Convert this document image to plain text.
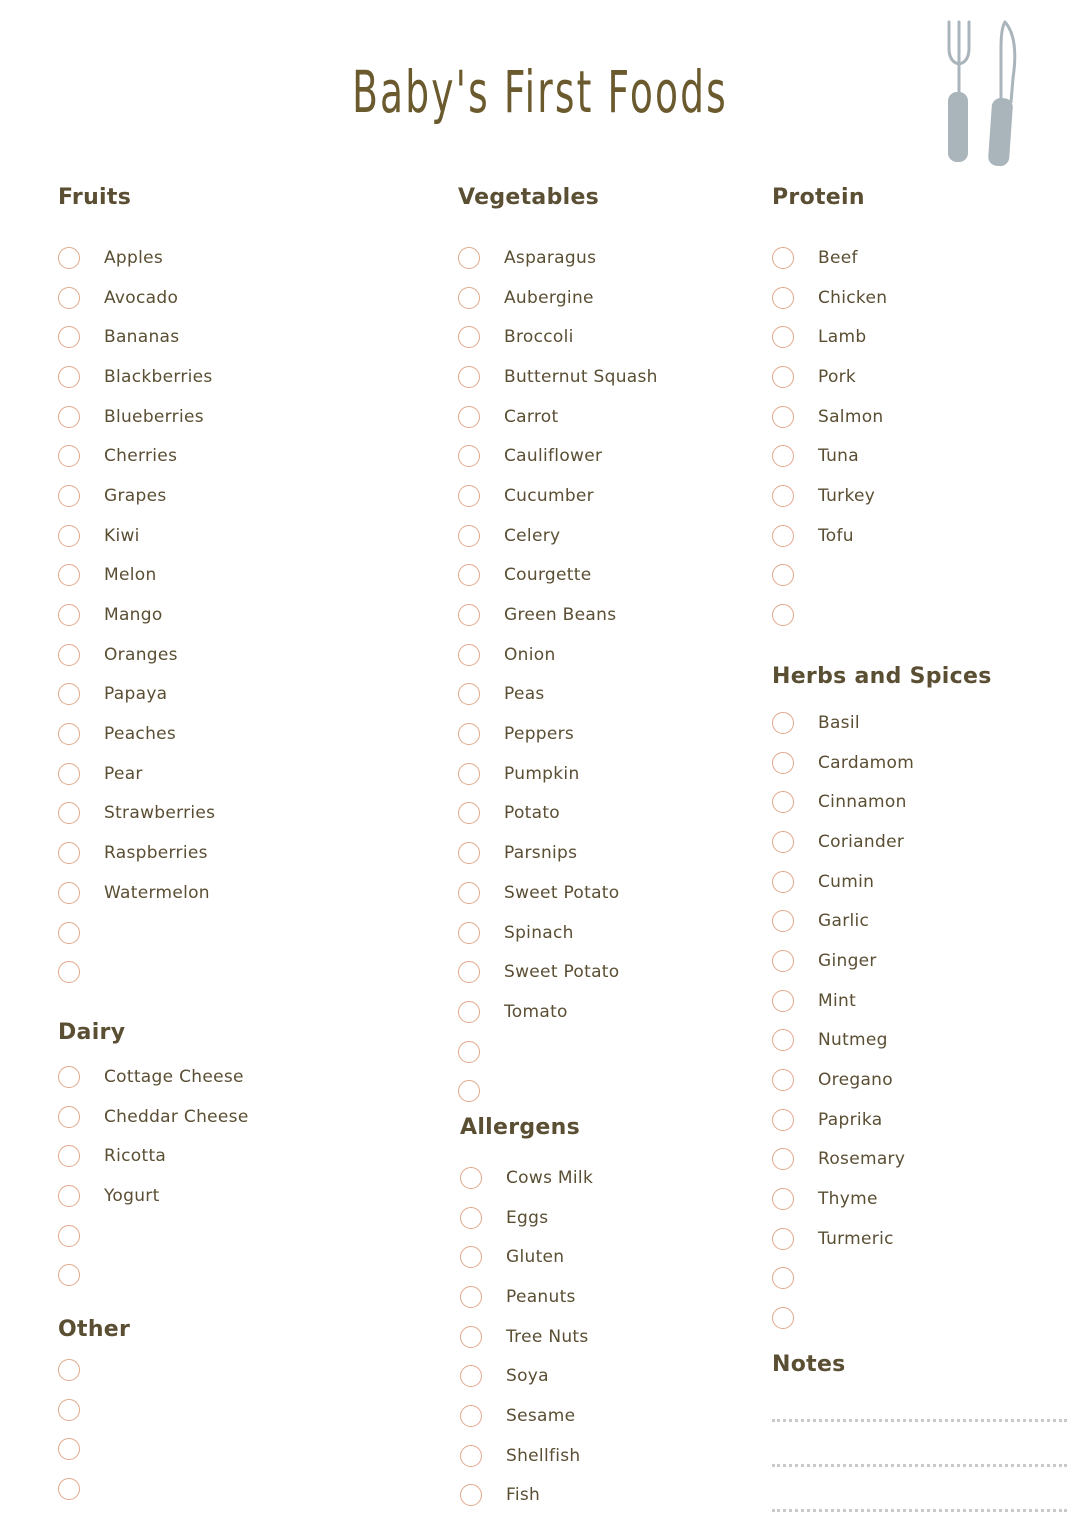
Baby's First Foods
Fruits
Apples
Avocado
Bananas
Blackberries
Blueberries
Cherries
Grapes
Kiwi
Melon
Mango
Oranges
Papaya
Peaches
Pear
Strawberries
Raspberries
Watermelon
Dairy
Cottage Cheese
Cheddar Cheese
Ricotta
Yogurt
Other
Vegetables
Asparagus
Aubergine
Broccoli
Butternut Squash
Carrot
Cauliflower
Cucumber
Celery
Courgette
Green Beans
Onion
Peas
Peppers
Pumpkin
Potato
Parsnips
Sweet Potato
Spinach
Sweet Potato
Tomato
Allergens
Cows Milk
Eggs
Gluten
Peanuts
Tree Nuts
Soya
Sesame
Shellfish
Fish
Protein
Beef
Chicken
Lamb
Pork
Salmon
Tuna
Turkey
Tofu
Herbs and Spices
Basil
Cardamom
Cinnamon
Coriander
Cumin
Garlic
Ginger
Mint
Nutmeg
Oregano
Paprika
Rosemary
Thyme
Turmeric
Notes
